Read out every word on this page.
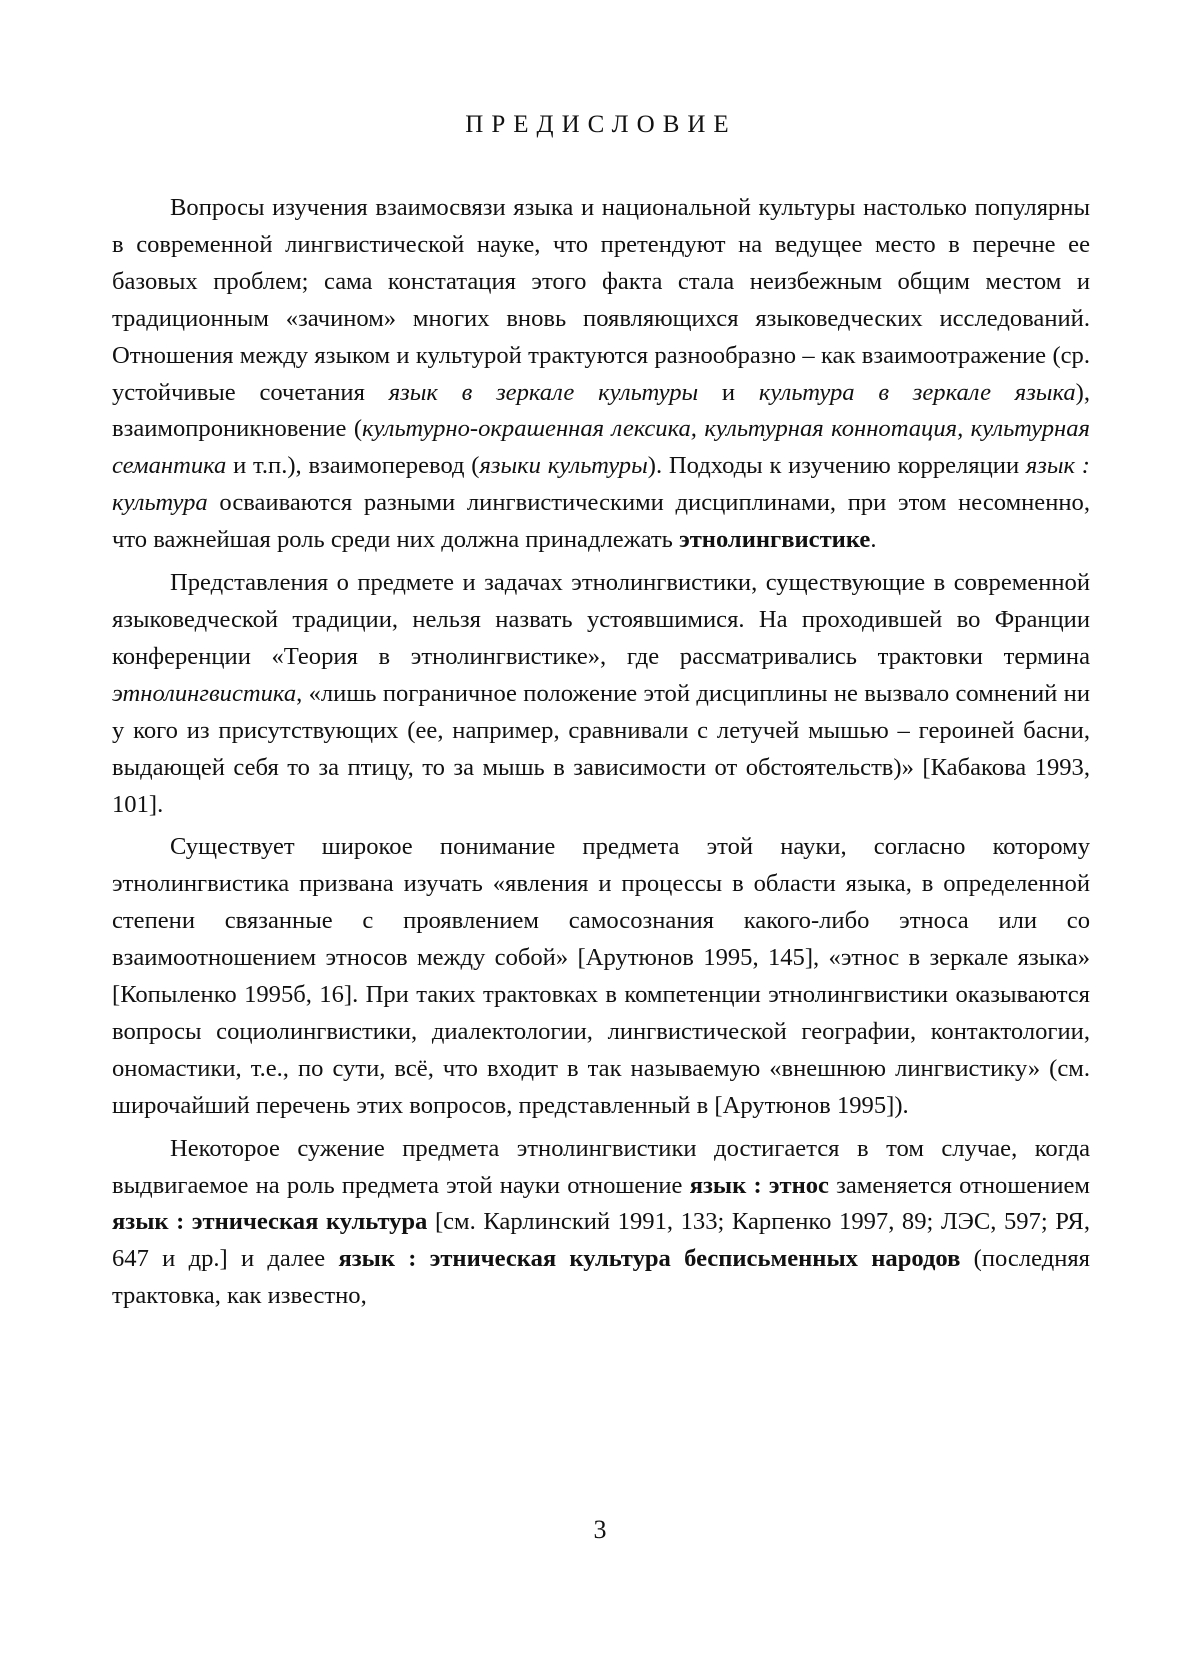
ПРЕДИСЛОВИЕ

Вопросы изучения взаимосвязи языка и национальной культуры настолько популярны в современной лингвистической науке, что претендуют на ведущее место в перечне ее базовых проблем; сама констатация этого факта стала неизбежным общим местом и традиционным «зачином» многих вновь появляющихся языковедческих исследований. Отношения между языком и культурой трактуются разнообразно – как взаимоотражение (ср. устойчивые сочетания язык в зеркале культуры и культура в зеркале языка), взаимопроникновение (культурно-окрашенная лексика, культурная коннотация, культурная семантика и т.п.), взаимоперевод (языки культуры). Подходы к изучению корреляции язык : культура осваиваются разными лингвистическими дисциплинами, при этом несомненно, что важнейшая роль среди них должна принадлежать этнолингвистике.

Представления о предмете и задачах этнолингвистики, существующие в современной языковедческой традиции, нельзя назвать устоявшимися. На проходившей во Франции конференции «Теория в этнолингвистике», где рассматривались трактовки термина этнолингвистика, «лишь пограничное положение этой дисциплины не вызвало сомнений ни у кого из присутствующих (ее, например, сравнивали с летучей мышью – героиней басни, выдающей себя то за птицу, то за мышь в зависимости от обстоятельств)» [Кабакова 1993, 101].

Существует широкое понимание предмета этой науки, согласно которому этнолингвистика призвана изучать «явления и процессы в области языка, в определенной степени связанные с проявлением самосознания какого-либо этноса или со взаимоотношением этносов между собой» [Арутюнов 1995, 145], «этнос в зеркале языка» [Копыленко 1995б, 16]. При таких трактовках в компетенции этнолингвистики оказываются вопросы социолингвистики, диалектологии, лингвистической географии, контактологии, ономастики, т.е., по сути, всё, что входит в так называемую «внешнюю лингвистику» (см. широчайший перечень этих вопросов, представленный в [Арутюнов 1995]).

Некоторое сужение предмета этнолингвистики достигается в том случае, когда выдвигаемое на роль предмета этой науки отношение язык : этнос заменяется отношением язык : этническая культура [см. Карлинский 1991, 133; Карпенко 1997, 89; ЛЭС, 597; РЯ, 647 и др.] и далее язык : этническая культура бесписьменных народов (последняя трактовка, как известно,

3
